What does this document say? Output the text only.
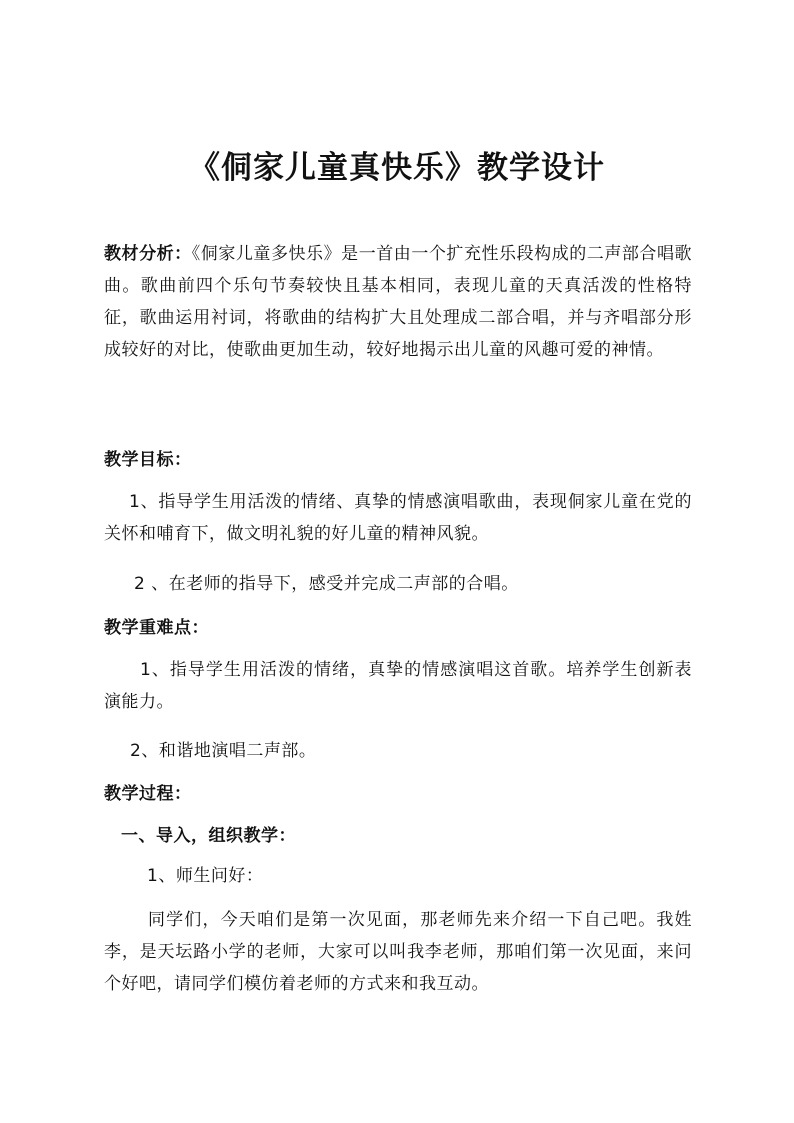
《侗家儿童真快乐》教学设计
教材分析：《侗家儿童多快乐》是一首由一个扩充性乐段构成的二声部合唱歌曲。歌曲前四个乐句节奏较快且基本相同，表现儿童的天真活泼的性格特征，歌曲运用衬词，将歌曲的结构扩大且处理成二部合唱，并与齐唱部分形成较好的对比，使歌曲更加生动，较好地揭示出儿童的风趣可爱的神情。
教学目标：
1、指导学生用活泼的情绪、真挚的情感演唱歌曲，表现侗家儿童在党的关怀和哺育下，做文明礼貌的好儿童的精神风貌。
2 、在老师的指导下，感受并完成二声部的合唱。
教学重难点：
1、指导学生用活泼的情绪，真挚的情感演唱这首歌。培养学生创新表演能力。
2、和谐地演唱二声部。
教学过程：
一、导入，组织教学：
1、师生问好：
同学们，今天咱们是第一次见面，那老师先来介绍一下自己吧。我姓李，是天坛路小学的老师，大家可以叫我李老师，那咱们第一次见面，来问个好吧，请同学们模仿着老师的方式来和我互动。
